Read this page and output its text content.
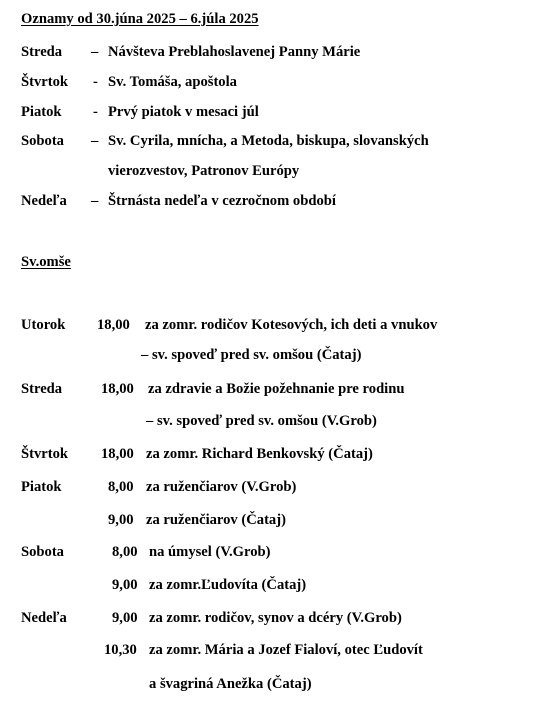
Oznamy od 30.júna 2025 – 6.júla 2025
Streda – Návšteva Preblahoslavenej Panny Márie
Štvrtok - Sv. Tomáša, apoštola
Piatok - Prvý piatok v mesaci júl
Sobota – Sv. Cyrila, mnícha, a Metoda, biskupa, slovanských
vierozvestov, Patronov Európy
Nedeľa – Štrnásta nedeľa v cezročnom období
Sv.omše
Utorok 18,00 za zomr. rodičov Kotesových, ich deti a vnukov
– sv. spoveď pred sv. omšou (Čataj)
Streda	18,00 za zdravie a Božie požehnanie pre rodinu
– sv. spoveď pred sv. omšou (V.Grob)
Štvrtok 18,00 za zomr. Richard Benkovský (Čataj)
Piatok	8,00 za ruženčiarov (V.Grob)
9,00 za ruženčiarov (Čataj)
Sobota	8,00 na úmysel (V.Grob)
9,00 za zomr.Ľudovíta (Čataj)
Nedeľa	9,00 za zomr. rodičov, synov a dcéry (V.Grob)
10,30 za zomr. Mária a Jozef Fialoví, otec Ľudovít
a švagriná Anežka (Čataj)
